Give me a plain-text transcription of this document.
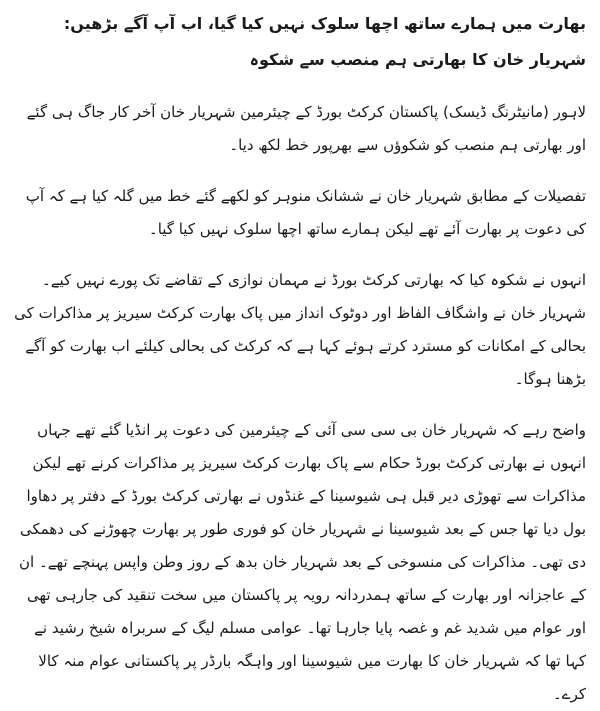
بھارت میں ہمارے ساتھ اچھا سلوک نہیں کیا گیا، اب آپ آگے بڑھیں: شہریار خان کا بھارتی ہم منصب سے شکوہ

لاہور (مانیٹرنگ ڈیسک) پاکستان کرکٹ بورڈ کے چیئرمین شہریار خان آخر کار جاگ ہی گئے اور بھارتی ہم منصب کو شکوؤں سے بھرپور خط لکھ دیا۔

تفصیلات کے مطابق شہریار خان نے ششانک منوہر کو لکھے گئے خط میں گلہ کیا ہے کہ آپ کی دعوت پر بھارت آئے تھے لیکن ہمارے ساتھ اچھا سلوک نہیں کیا گیا۔

انہوں نے شکوہ کیا کہ بھارتی کرکٹ بورڈ نے مہمان نوازی کے تقاضے تک پورے نہیں کیے۔ شہریار خان نے واشگاف الفاظ اور دوٹوک انداز میں پاک بھارت کرکٹ سیریز پر مذاکرات کی بحالی کے امکانات کو مسترد کرتے ہوئے کہا ہے کہ کرکٹ کی بحالی کیلئے اب بھارت کو آگے بڑھنا ہوگا۔

واضح رہے کہ شہریار خان بی سی سی آئی کے چیئرمین کی دعوت پر انڈیا گئے تھے جہاں انہوں نے بھارتی کرکٹ بورڈ حکام سے پاک بھارت کرکٹ سیریز پر مذاکرات کرنے تھے لیکن مذاکرات سے تھوڑی دیر قبل ہی شیوسینا کے غنڈوں نے بھارتی کرکٹ بورڈ کے دفتر پر دھاوا بول دیا تھا جس کے بعد شیوسینا نے شہریار خان کو فوری طور پر بھارت چھوڑنے کی دھمکی دی تھی۔ مذاکرات کی منسوخی کے بعد شہریار خان بدھ کے روز وطن واپس پہنچے تھے۔ ان کے عاجزانہ اور بھارت کے ساتھ ہمدردانہ رویہ پر پاکستان میں سخت تنقید کی جارہی تھی اور عوام میں شدید غم و غصہ پایا جارہا تھا۔ عوامی مسلم لیگ کے سربراہ شیخ رشید نے کہا تھا کہ شہریار خان کا بھارت میں شیوسینا اور واہگہ بارڈر پر پاکستانی عوام منہ کالا کرے۔
